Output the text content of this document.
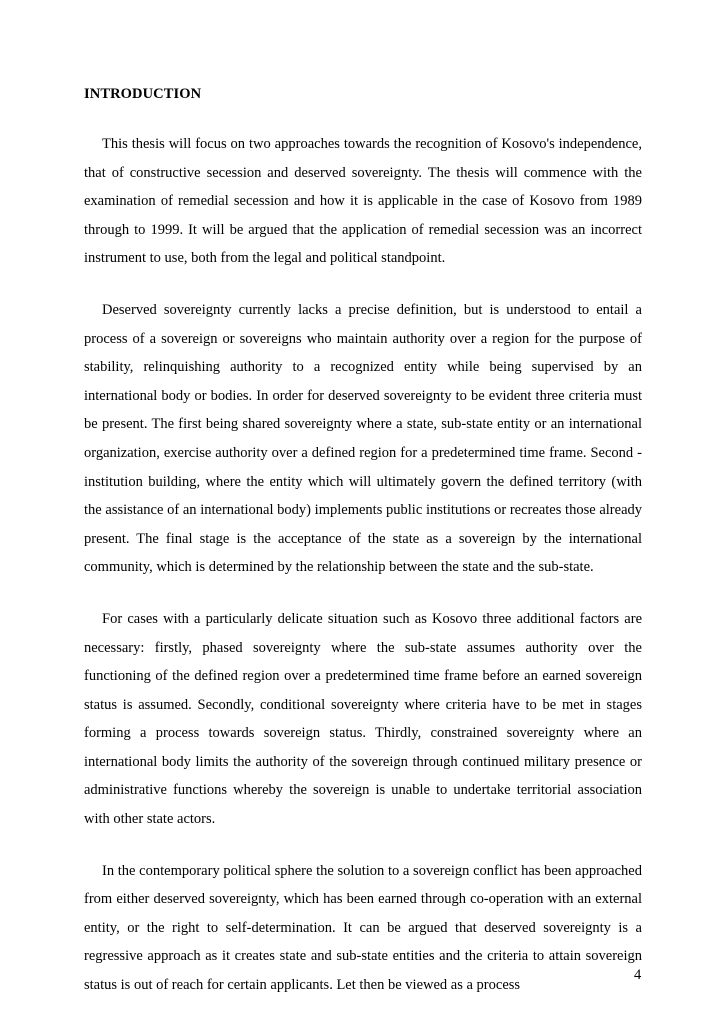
INTRODUCTION

This thesis will focus on two approaches towards the recognition of Kosovo's independence, that of constructive secession and deserved sovereignty. The thesis will commence with the examination of remedial secession and how it is applicable in the case of Kosovo from 1989 through to 1999. It will be argued that the application of remedial secession was an incorrect instrument to use, both from the legal and political standpoint.

Deserved sovereignty currently lacks a precise definition, but is understood to entail a process of a sovereign or sovereigns who maintain authority over a region for the purpose of stability, relinquishing authority to a recognized entity while being supervised by an international body or bodies. In order for deserved sovereignty to be evident three criteria must be present. The first being shared sovereignty where a state, sub-state entity or an international organization, exercise authority over a defined region for a predetermined time frame. Second - institution building, where the entity which will ultimately govern the defined territory (with the assistance of an international body) implements public institutions or recreates those already present. The final stage is the acceptance of the state as a sovereign by the international community, which is determined by the relationship between the state and the sub-state.

For cases with a particularly delicate situation such as Kosovo three additional factors are necessary: firstly, phased sovereignty where the sub-state assumes authority over the functioning of the defined region over a predetermined time frame before an earned sovereign status is assumed. Secondly, conditional sovereignty where criteria have to be met in stages forming a process towards sovereign status. Thirdly, constrained sovereignty where an international body limits the authority of the sovereign through continued military presence or administrative functions whereby the sovereign is unable to undertake territorial association with other state actors.

In the contemporary political sphere the solution to a sovereign conflict has been approached from either deserved sovereignty, which has been earned through co-operation with an external entity, or the right to self-determination. It can be argued that deserved sovereignty is a regressive approach as it creates state and sub-state entities and the criteria to attain sovereign status is out of reach for certain applicants. Let then be viewed as a process

4
